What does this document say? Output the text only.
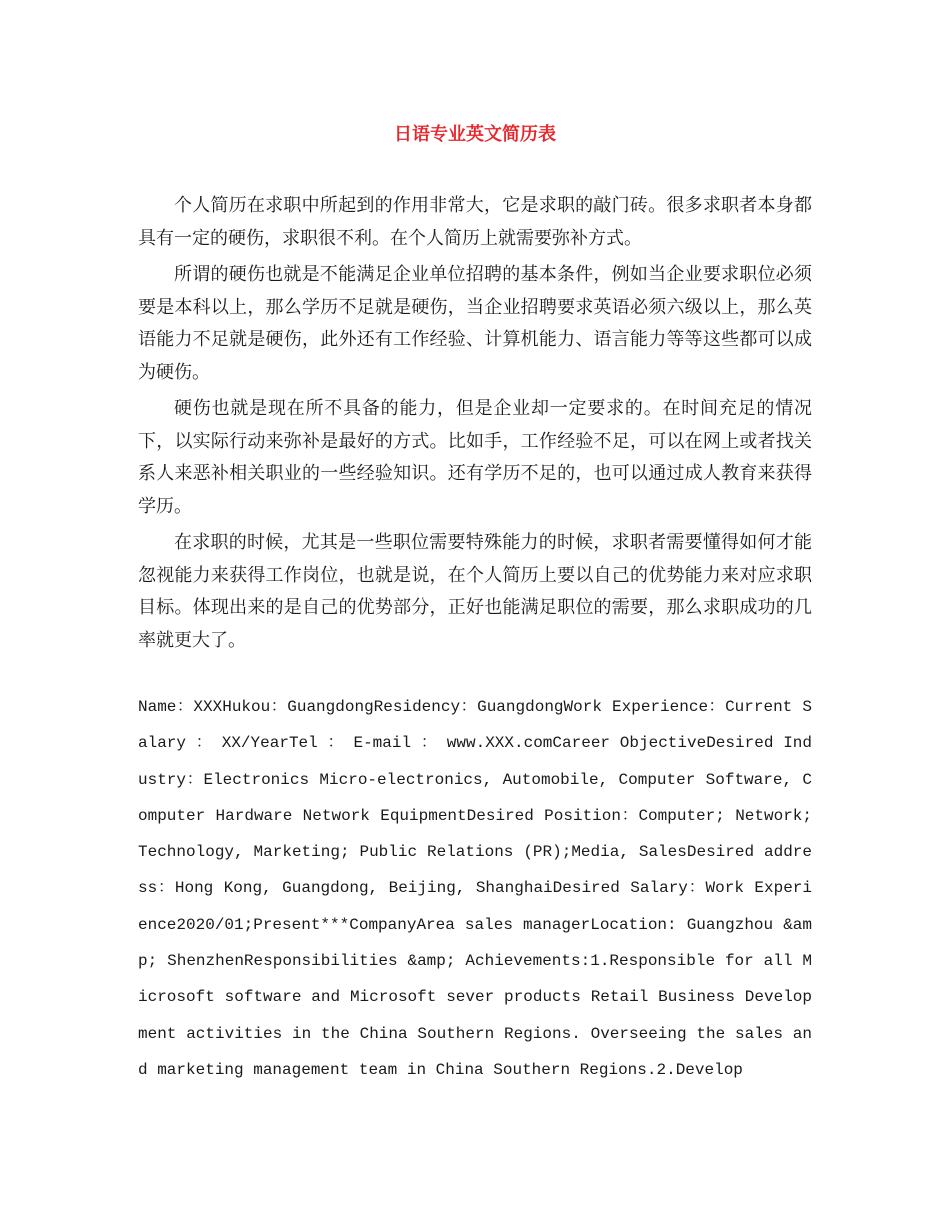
日语专业英文简历表

个人简历在求职中所起到的作用非常大，它是求职的敲门砖。很多求职者本身都具有一定的硬伤，求职很不利。在个人简历上就需要弥补方式。

所谓的硬伤也就是不能满足企业单位招聘的基本条件，例如当企业要求职位必须要是本科以上，那么学历不足就是硬伤，当企业招聘要求英语必须六级以上，那么英语能力不足就是硬伤，此外还有工作经验、计算机能力、语言能力等等这些都可以成为硬伤。

硬伤也就是现在所不具备的能力，但是企业却一定要求的。在时间充足的情况下，以实际行动来弥补是最好的方式。比如手，工作经验不足，可以在网上或者找关系人来恶补相关职业的一些经验知识。还有学历不足的，也可以通过成人教育来获得学历。

在求职的时候，尤其是一些职位需要特殊能力的时候，求职者需要懂得如何才能忽视能力来获得工作岗位，也就是说，在个人简历上要以自己的优势能力来对应求职目标。体现出来的是自己的优势部分，正好也能满足职位的需要，那么求职成功的几率就更大了。

Name：XXXHukou：GuangdongResidency：GuangdongWork Experience：Current Salary ： XX/YearTel ： E-mail ： www.XXX.comCareer ObjectiveDesired Industry：Electronics Micro-electronics, Automobile, Computer Software, Computer Hardware Network EquipmentDesired Position：Computer; Network; Technology, Marketing; Public Relations (PR);Media, SalesDesired address：Hong Kong, Guangdong, Beijing, ShanghaiDesired Salary：Work Experience2020/01;Present***CompanyArea sales managerLocation: Guangzhou &amp; ShenzhenResponsibilities &amp; Achievements:1.Responsible for all Microsoft software and Microsoft sever products Retail Business Development activities in the China Southern Regions. Overseeing the sales and marketing management team in China Southern Regions.2.Develop
